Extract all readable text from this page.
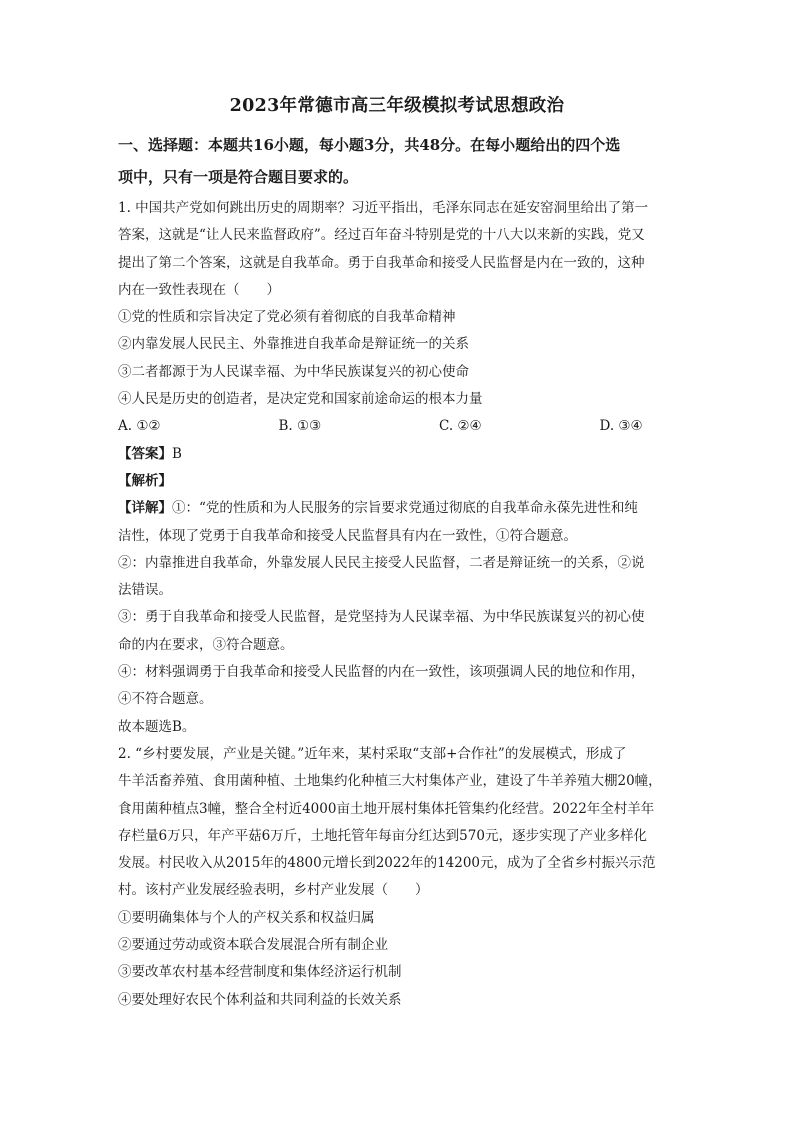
2023年常德市高三年级模拟考试思想政治
一、选择题：本题共16小题，每小题3分，共48分。在每小题给出的四个选
项中，只有一项是符合题目要求的。
1. 中国共产党如何跳出历史的周期率？习近平指出，毛泽东同志在延安窑洞里给出了第一
答案，这就是“让人民来监督政府”。经过百年奋斗特别是党的十八大以来新的实践，党又
提出了第二个答案，这就是自我革命。勇于自我革命和接受人民监督是内在一致的，这种
内在一致性表现在（　　）
①党的性质和宗旨决定了党必须有着彻底的自我革命精神
②内靠发展人民民主、外靠推进自我革命是辩证统一的关系
③二者都源于为人民谋幸福、为中华民族谋复兴的初心使命
④人民是历史的创造者，是决定党和国家前途命运的根本力量
A. ①②	B. ①③	C. ②④	D. ③④
【答案】B
【解析】
【详解】①：“党的性质和为人民服务的宗旨要求党通过彻底的自我革命永葆先进性和纯
洁性，体现了党勇于自我革命和接受人民监督具有内在一致性，①符合题意。
②：内靠推进自我革命，外靠发展人民民主接受人民监督，二者是辩证统一的关系，②说
法错误。
③：勇于自我革命和接受人民监督，是党坚持为人民谋幸福、为中华民族谋复兴的初心使
命的内在要求，③符合题意。
④：材料强调勇于自我革命和接受人民监督的内在一致性，该项强调人民的地位和作用，
④不符合题意。
故本题选B。
2. “乡村要发展，产业是关键。”近年来，某村采取“支部+合作社”的发展模式，形成了
牛羊活畜养殖、食用菌种植、土地集约化种植三大村集体产业，建设了牛羊养殖大棚20幢，
食用菌种植点3幢，整合全村近4000亩土地开展村集体托管集约化经营。2022年全村羊年
存栏量6万只，年产平菇6万斤，土地托管年每亩分红达到570元，逐步实现了产业多样化
发展。村民收入从2015年的4800元增长到2022年的14200元，成为了全省乡村振兴示范
村。该村产业发展经验表明，乡村产业发展（　　）
①要明确集体与个人的产权关系和权益归属
②要通过劳动或资本联合发展混合所有制企业
③要改革农村基本经营制度和集体经济运行机制
④要处理好农民个体利益和共同利益的长效关系
